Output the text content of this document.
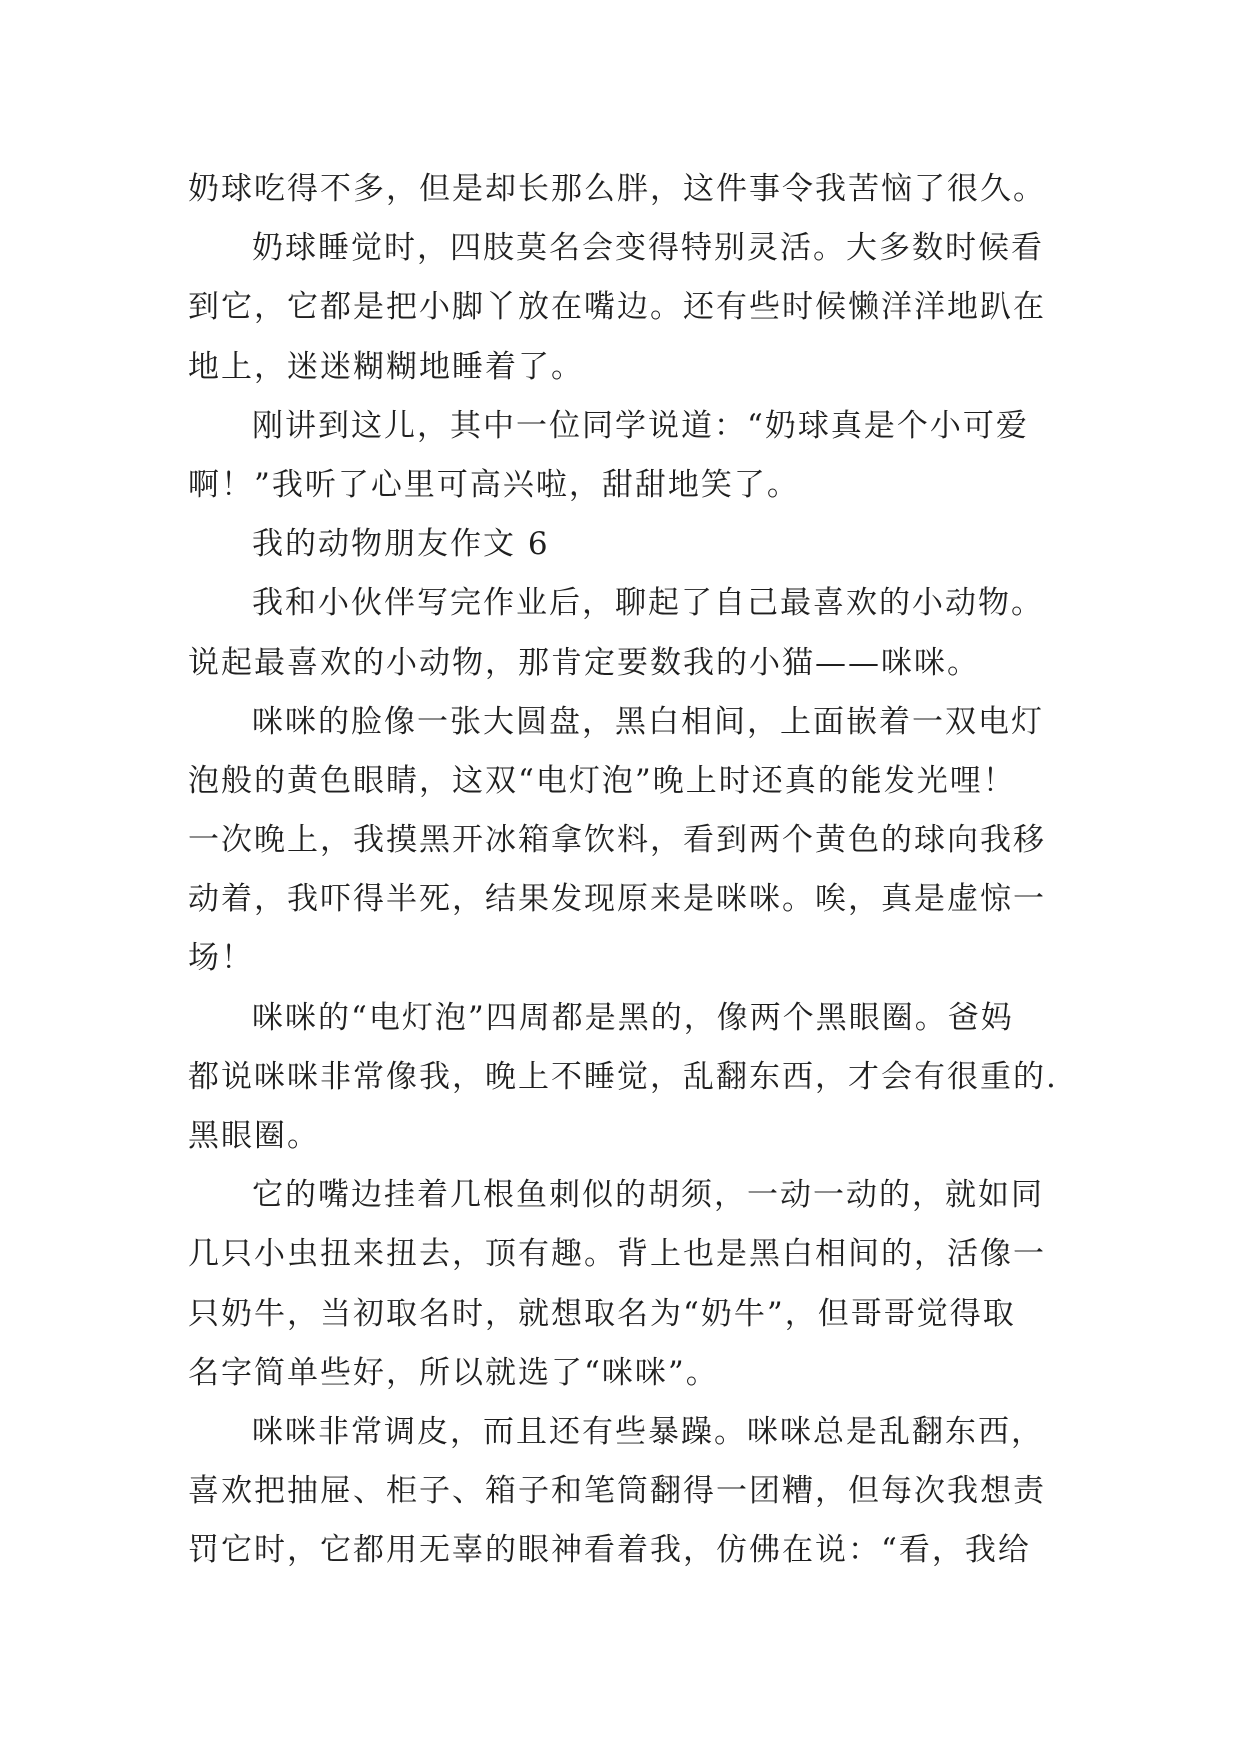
奶球吃得不多，但是却长那么胖，这件事令我苦恼了很久。
奶球睡觉时，四肢莫名会变得特别灵活。大多数时候看
到它，它都是把小脚丫放在嘴边。还有些时候懒洋洋地趴在
地上，迷迷糊糊地睡着了。
刚讲到这儿，其中一位同学说道：“奶球真是个小可爱
啊！”我听了心里可高兴啦，甜甜地笑了。
我的动物朋友作文 6
我和小伙伴写完作业后，聊起了自己最喜欢的小动物。
说起最喜欢的小动物，那肯定要数我的小猫——咪咪。
咪咪的脸像一张大圆盘，黑白相间，上面嵌着一双电灯
泡般的黄色眼睛，这双“电灯泡”晚上时还真的能发光哩！
一次晚上，我摸黑开冰箱拿饮料，看到两个黄色的球向我移
动着，我吓得半死，结果发现原来是咪咪。唉，真是虚惊一
场！
咪咪的“电灯泡”四周都是黑的，像两个黑眼圈。爸妈
都说咪咪非常像我，晚上不睡觉，乱翻东西，才会有很重的.
黑眼圈。
它的嘴边挂着几根鱼刺似的胡须，一动一动的，就如同
几只小虫扭来扭去，顶有趣。背上也是黑白相间的，活像一
只奶牛，当初取名时，就想取名为“奶牛”，但哥哥觉得取
名字简单些好，所以就选了“咪咪”。
咪咪非常调皮，而且还有些暴躁。咪咪总是乱翻东西，
喜欢把抽屉、柜子、箱子和笔筒翻得一团糟，但每次我想责
罚它时，它都用无辜的眼神看着我，仿佛在说：“看，我给
